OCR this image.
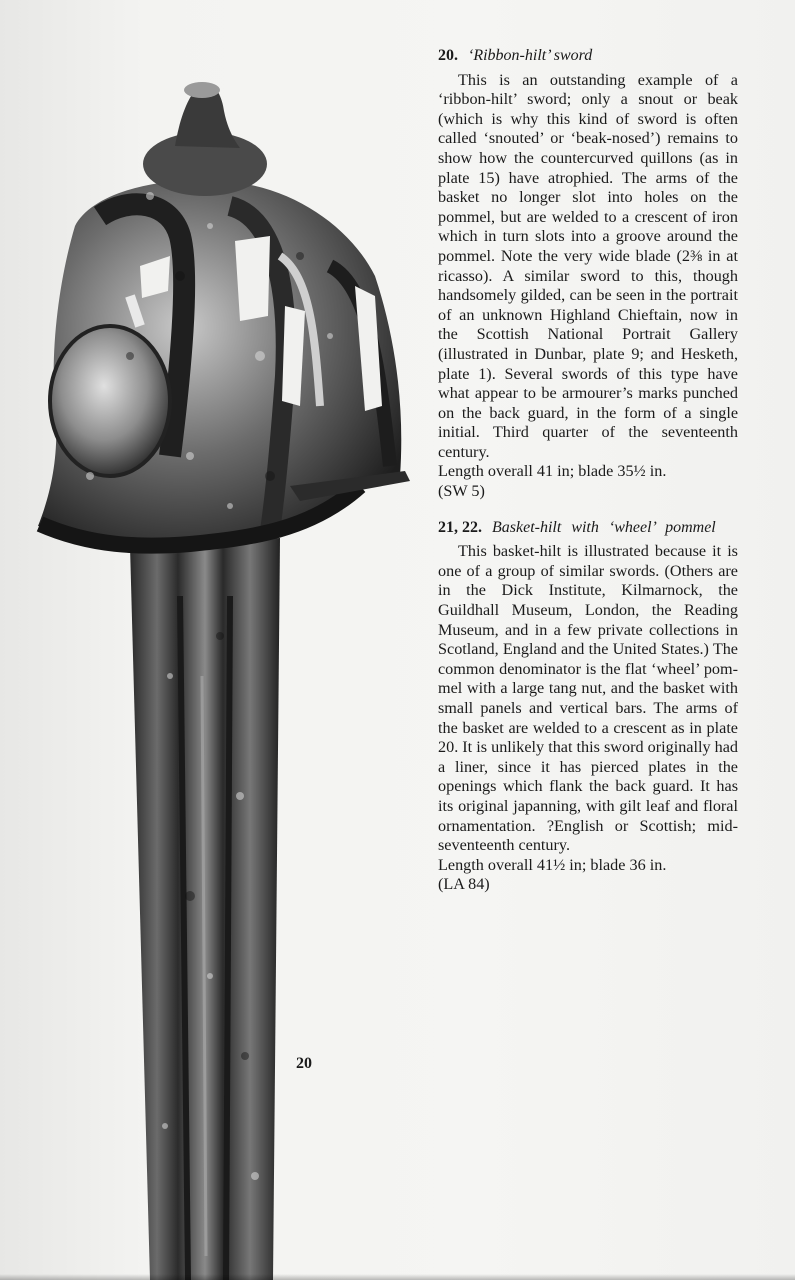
20
20. ‘Ribbon-hilt’ sword

This is an outstanding example of a ‘ribbon-hilt’ sword; only a snout or beak (which is why this kind of sword is often called ‘snouted’ or ‘beak-nosed’) remains to show how the countercurved quillons (as in plate 15) have atrophied. The arms of the basket no longer slot into holes on the pommel, but are welded to a crescent of iron which in turn slots into a groove around the pommel. Note the very wide blade (2⅜ in at ricasso). A similar sword to this, though handsomely gilded, can be seen in the portrait of an unknown Highland Chieftain, now in the Scottish National Portrait Gallery (illustrated in Dunbar, plate 9; and Hesketh, plate 1). Several swords of this type have what appear to be armourer’s marks punched on the back guard, in the form of a single initial. Third quarter of the seventeenth century.

Length overall 41 in; blade 35½ in.

(SW 5)

21, 22. Basket-hilt with ‘wheel’ pommel

This basket-hilt is illustrated because it is one of a group of similar swords. (Others are in the Dick Institute, Kilmarnock, the Guildhall Museum, London, the Reading Museum, and in a few private collections in Scotland, England and the United States.) The common denominator is the flat ‘wheel’ pommel with a large tang nut, and the basket with small panels and vertical bars. The arms of the basket are welded to a crescent as in plate 20. It is unlikely that this sword originally had a liner, since it has pierced plates in the openings which flank the back guard. It has its original japanning, with gilt leaf and floral ornamentation. ?English or Scottish; mid-seventeenth century.

Length overall 41½ in; blade 36 in.

(LA 84)
